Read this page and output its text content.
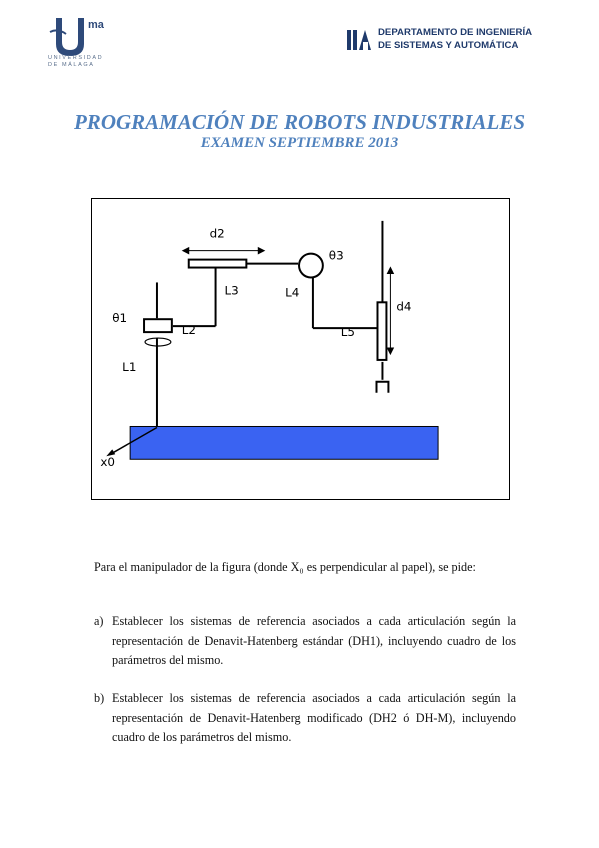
ma
UNIVERSIDAD
DE MÁLAGA
DEPARTAMENTO DE INGENIERÍA
DE SISTEMAS Y AUTOMÁTICA
PROGRAMACIÓN DE ROBOTS INDUSTRIALES
EXAMEN SEPTIEMBRE 2013
d2
θ3
L3	L4
d4
θ1
L2	L5
L1
x0
Para el manipulador de la figura (donde X₀ es perpendicular al papel), se pide:
a) Establecer los sistemas de referencia asociados a cada articulación según la representación de Denavit-Hatenberg estándar (DH1), incluyendo cuadro de los parámetros del mismo.
b) Establecer los sistemas de referencia asociados a cada articulación según la representación de Denavit-Hatenberg modificado (DH2 ó DH-M), incluyendo cuadro de los parámetros del mismo.
